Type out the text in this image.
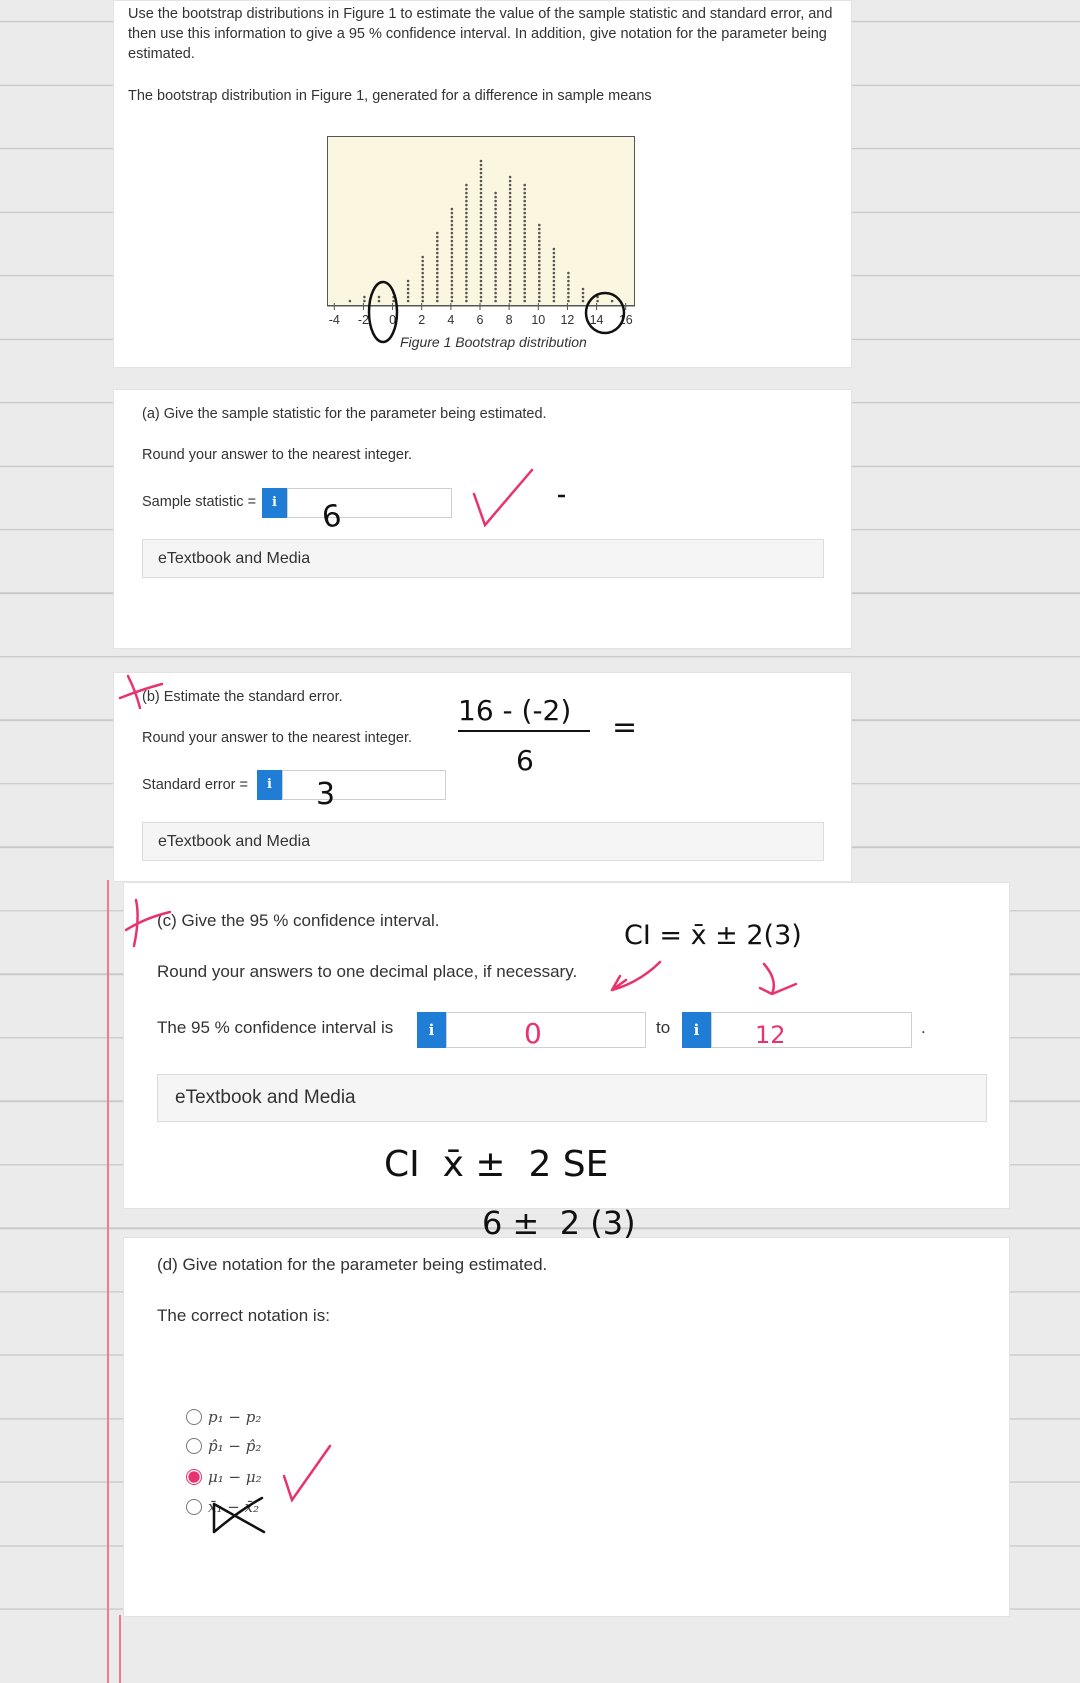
Use the bootstrap distributions in Figure 1 to estimate the value of the sample statistic and standard error, and then use this information to give a 95 % confidence interval. In addition, give notation for the parameter being estimated.
The bootstrap distribution in Figure 1, generated for a difference in sample means
-4 -2 0 2 4 6 8 10 12 14 16
Figure 1 Bootstrap distribution
(a) Give the sample statistic for the parameter being estimated.
Round your answer to the nearest integer.
Sample statistic =	i
eTextbook and Media
(b) Estimate the standard error.
Round your answer to the nearest integer.
Standard error =	i
eTextbook and Media
(c) Give the 95 % confidence interval.
Round your answers to one decimal place, if necessary.
The 95 % confidence interval is	i	to	i	.
eTextbook and Media
(d) Give notation for the parameter being estimated.
The correct notation is:
p₁ − p₂
p̂₁ − p̂₂
μ₁ − μ₂
x̄₁ − x̄₂
6
16 - (-2)
6
=
3
CI = x̄ ± 2(3)
0	12
CI  x̄ ±  2 SE
6 ±  2 (3)
